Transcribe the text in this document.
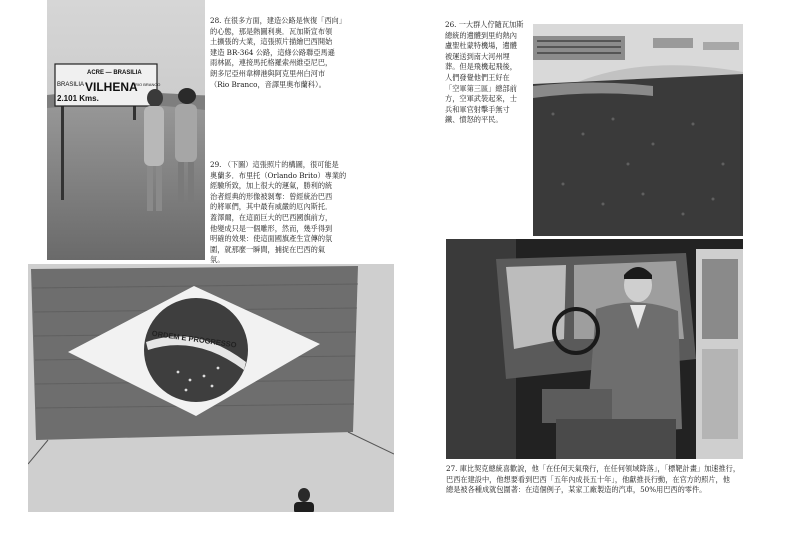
ACRE — BRASILIA
BRASILIA VILHENA
RIO BRANCO
2.101 Kms.
28. 在很多方面，建造公路是恢復「西向」
的心態，那是熱圖利奧．瓦加斯宣布領
土擴張的大業，這張照片描繪巴西開始
建造 BR-364 公路，這條公路聯亞馬遜
雨林區，連接馬托格羅索州維亞尼巴，
朗多尼亞州韋柳港與阿克里州白河市
（Rio Branco，音譯里奧布蘭科）。
29. （下圖）這張照片的構圖，很可能是
奧蘭多．布里托（Orlando Brito）專業的
經驗所致，加上很大的運氣，勝利的統
治者經典的形像被剝奪：曾經統治巴西
的將軍們，其中最有威嚴的厄內斯托．
蓋澤爾，在這面巨大的巴西國旗前方，
他變成只是一個雕形，然而，幾乎得到
明確的效果：使這面國旗產生宣傳的氛
圍，就那麼一瞬間，捕捉在巴西的氣
氛。
ORDEM E PROGRESSO
26. 一大群人佇隨瓦加斯
總統的遺體到里約熱內
盧聖杜蒙特機場，遺體
被運送到南大河州埋
葬。但是飛機起飛後，
人們發覺他們王好在
「空軍第三區」總部前
方，空軍武裝起來，士
兵和軍官射擊手無寸
鐵、憤怒的平民。
27. 庫比契克總統喜歡說，他「在任何天氣飛行，在任何領域降落」，「標靶計畫」加速推行，
巴西在建設中，他想要看到巴西「五年內成長五十年」，他獻推長行動，在官方的照片，他
總是被各種成就包圍著：在這個例子，某家工廠製造的汽車，50%用巴西的零件。
